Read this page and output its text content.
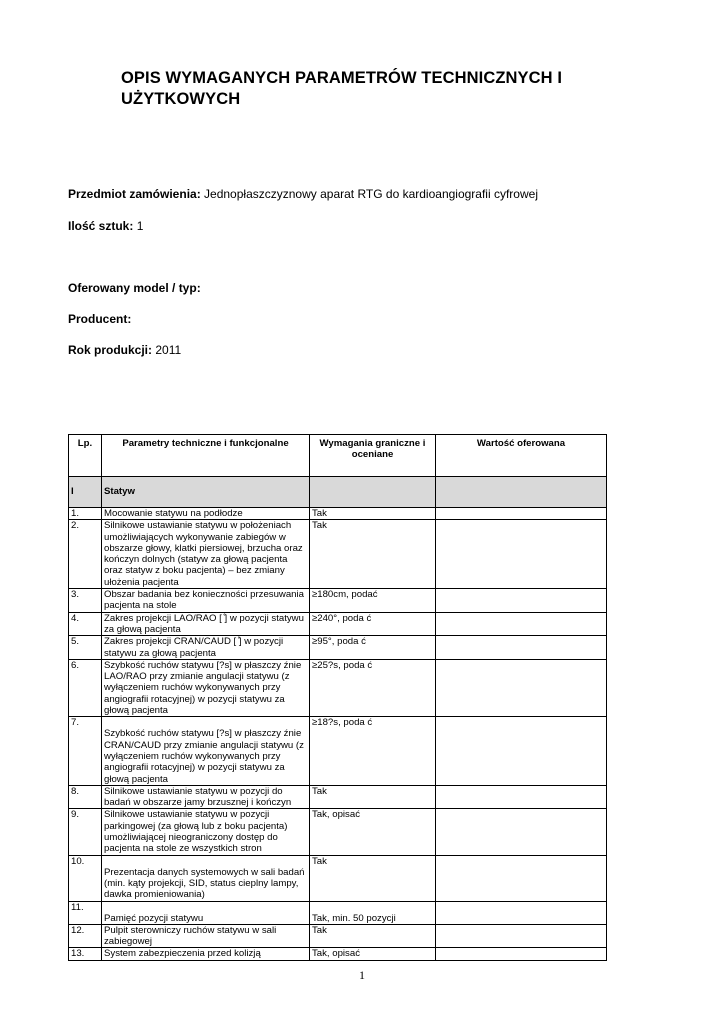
OPIS WYMAGANYCH PARAMETRÓW TECHNICZNYCH I UŻYTKOWYCH
Przedmiot zamówienia: Jednopłaszczyznowy aparat RTG do kardioangiografii cyfrowej
Ilość sztuk: 1
Oferowany model / typ:
Producent:
Rok produkcji: 2011
Lp.	Parametry techniczne i funkcjonalne	Wymagania graniczne i oceniane	Wartość oferowana
I	Statyw		
1.	Mocowanie statywu na podłodze	Tak	
2.	Silnikowe ustawianie statywu w położeniach umożliwiających wykonywanie zabiegów w obszarze głowy, klatki piersiowej, brzucha oraz kończyn dolnych (statyw za głową pacjenta oraz statyw z boku pacjenta) – bez zmiany ułożenia pacjenta	Tak	
3.	Obszar badania bez konieczności przesuwania pacjenta na stole	≥180cm, podać	
4.	Zakres projekcji LAO/RAO [ ̊] w pozycji statywu za głową pacjenta	≥240°, poda ć	
5.	Zakres projekcji CRAN/CAUD [ ̊] w pozycji statywu za głową pacjenta	≥95°, poda ć	
6.	Szybkość ruchów statywu [?s] w płaszczy źnie LAO/RAO przy zmianie angulacji statywu (z wyłączeniem ruchów wykonywanych przy angiografii rotacyjnej) w pozycji statywu za głową pacjenta	≥25?s, poda ć	
7.	Szybkość ruchów statywu [?s] w płaszczy źnie CRAN/CAUD przy zmianie angulacji statywu (z wyłączeniem ruchów wykonywanych przy angiografii rotacyjnej) w pozycji statywu za głową pacjenta	≥18?s, poda ć	
8.	Silnikowe ustawianie statywu w pozycji do badań w obszarze jamy brzusznej i kończyn	Tak	
9.	Silnikowe ustawianie statywu w pozycji parkingowej (za głową lub z boku pacjenta) umożliwiającej nieograniczony dostęp do pacjenta na stole ze wszystkich stron	Tak, opisać	
10.	Prezentacja danych systemowych w sali badań (min. kąty projekcji, SID, status cieplny lampy, dawka promieniowania)	Tak	
11.	Pamięć pozycji statywu	Tak, min. 50 pozycji	
12.	Pulpit sterowniczy ruchów statywu w sali zabiegowej	Tak	
13.	System zabezpieczenia przed kolizją	Tak, opisać	
1
